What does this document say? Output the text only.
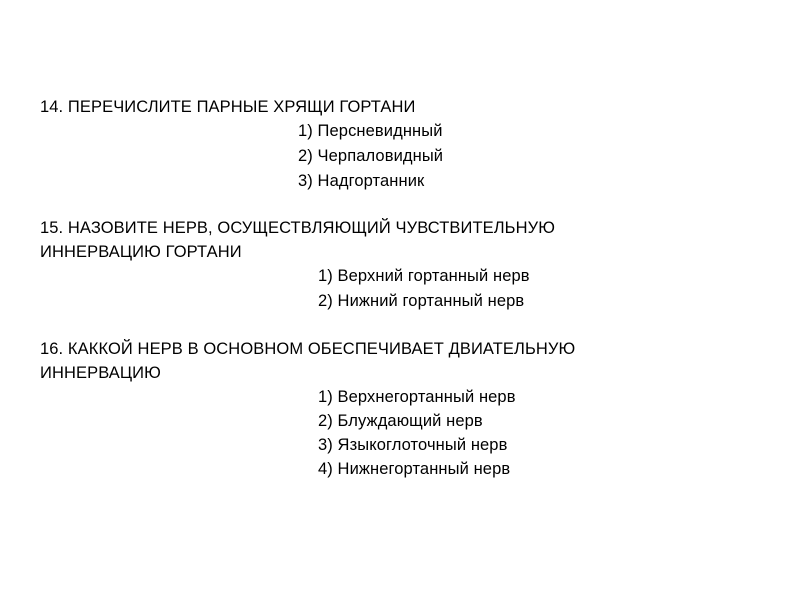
14. ПЕРЕЧИСЛИТЕ ПАРНЫЕ ХРЯЩИ ГОРТАНИ
1) Персневиднный
2) Черпаловидный
3) Надгортанник
15. НАЗОВИТЕ НЕРВ, ОСУЩЕСТВЛЯЮЩИЙ ЧУВСТВИТЕЛЬНУЮ
ИННЕРВАЦИЮ ГОРТАНИ
1) Верхний гортанный нерв
2) Нижний гортанный нерв
16. КАККОЙ НЕРВ В ОСНОВНОМ ОБЕСПЕЧИВАЕТ ДВИАТЕЛЬНУЮ
ИННЕРВАЦИЮ
1) Верхнегортанный нерв
2) Блуждающий нерв
3) Языкоглоточный нерв
4) Нижнегортанный нерв
